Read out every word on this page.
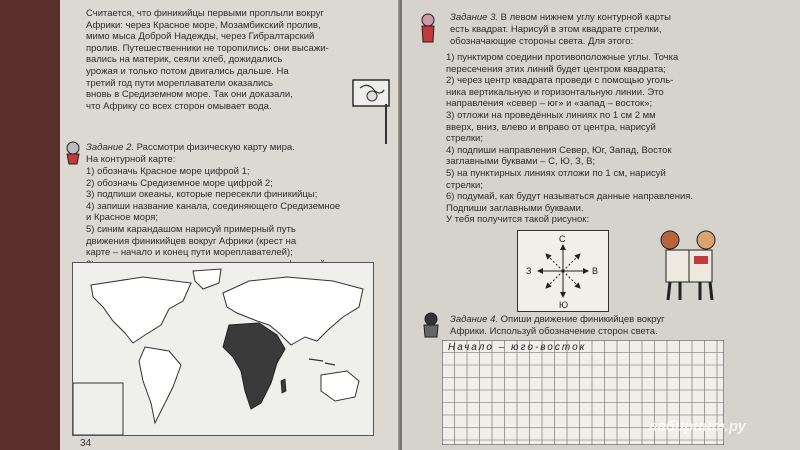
Считается, что финикийцы первыми проплыли вокруг
Африки: через Красное море, Мозамбикский пролив,
мимо мыса Доброй Надежды, через Гибралтарский
пролив. Путешественники не торопились: они высажи-
вались на материк, сеяли хлеб, дожидались
урожая и только потом двигались дальше. На
третий год пути мореплаватели оказались
вновь в Средиземном море. Так они доказали,
что Африку со всех сторон омывает вода.
Задание 2. Рассмотри физическую карту мира.
На контурной карте:
1) обозначь Красное море цифрой 1;
2) обозначь Средиземное море цифрой 2;
3) подпиши океаны, которые пересекли финикийцы;
4) запиши название канала, соединяющего Средиземное
и Красное моря;
5) синим карандашом нарисуй примерный путь
движения финикийцев вокруг Африки (крест на
карте – начало и конец пути мореплавателей);
34
Задание 3. В левом нижнем углу контурной карты
есть квадрат. Нарисуй в этом квадрате стрелки,
обозначающие стороны света. Для этого:
1) пунктиром соедини противоположные углы. Точка
пересечения этих линий будет центром квадрата;
2) через центр квадрата проведи с помощью уголь-
ника вертикальную и горизонтальную линии. Это
направления «север – юг» и «запад – восток»;
3) отложи на проведённых линиях по 1 см 2 мм
вверх, вниз, влево и вправо от центра, нарисуй
стрелки;
4) подпиши направления Север, Юг, Запад, Восток
заглавными буквами – С, Ю, З, В;
5) на пунктирных линиях отложи по 1 см, нарисуй
стрелки;
6) подумай, как будут называться данные направления.
Подпиши заглавными буквами.
У тебя получится такой рисунок:
С
Ю
З	В
Задание 4. Опиши движение финикийцев вокруг
Африки. Используй обозначение сторон света.
Начало – юго-восток
лабиринт.ру
